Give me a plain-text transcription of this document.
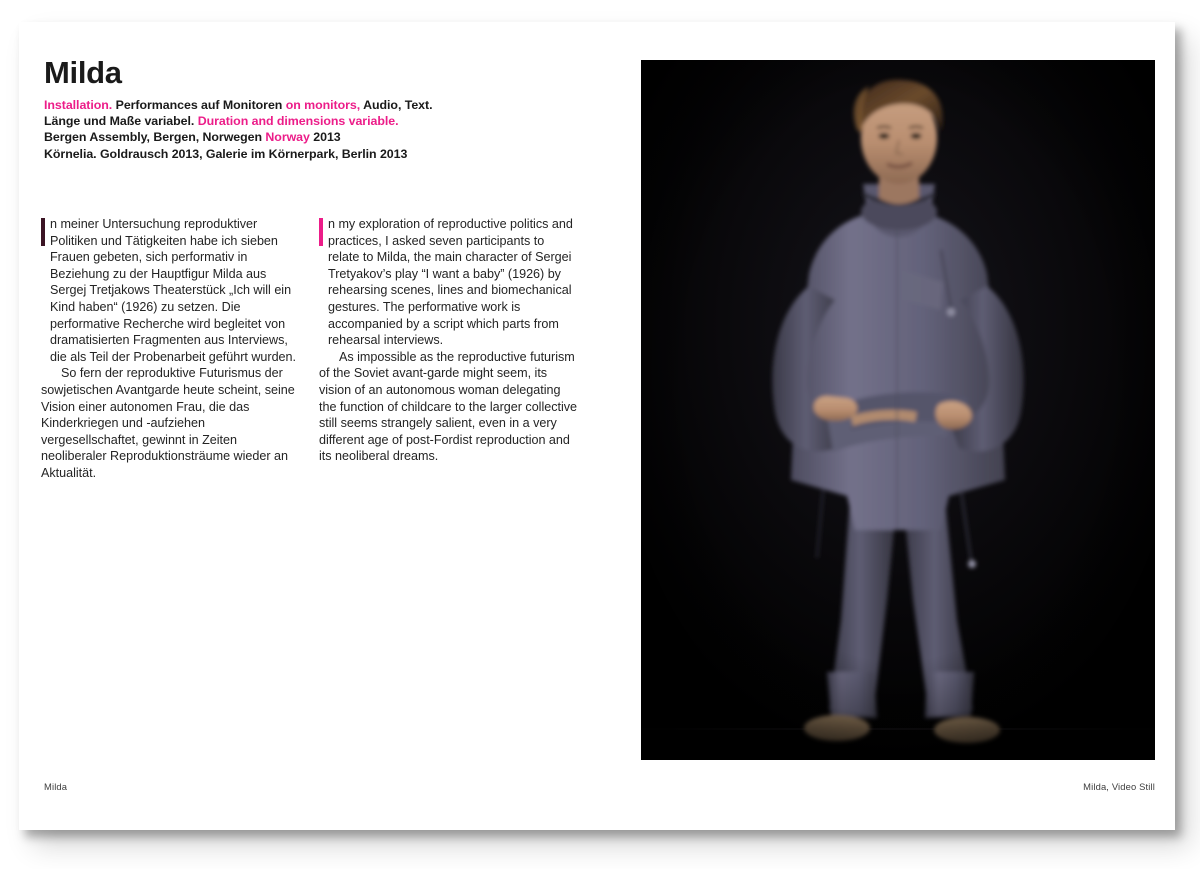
Milda
Installation. Performances auf Monitoren on monitors, Audio, Text.
Länge und Maße variabel. Duration and dimensions variable.
Bergen Assembly, Bergen, Norwegen Norway 2013
Körnelia. Goldrausch 2013, Galerie im Körnerpark, Berlin 2013
n meiner Untersuchung reproduktiver Politiken und Tätigkeiten habe ich sieben Frauen gebeten, sich performativ in Beziehung zu der Hauptfigur Milda aus Sergej Tretjakows Theaterstück „Ich will ein Kind haben“ (1926) zu setzen. Die performative Recherche wird begleitet von dramatisierten Fragmenten aus Interviews, die als Teil der Probenarbeit geführt wurden.

So fern der reproduktive Futurismus der sowjetischen Avantgarde heute scheint, seine Vision einer autonomen Frau, die das Kinderkriegen und -aufziehen vergesellschaftet, gewinnt in Zeiten neoliberaler Reproduktionsträume wieder an Aktualität.

n my exploration of reproductive politics and practices, I asked seven participants to relate to Milda, the main character of Sergei Tretyakov’s play “I want a baby” (1926) by rehearsing scenes, lines and biomechanical gestures. The performative work is accompanied by a script which parts from rehearsal interviews.

As impossible as the reproductive futurism of the Soviet avant-garde might seem, its vision of an autonomous woman delegating the function of childcare to the larger collective still seems strangely salient, even in a very different age of post-Fordist reproduction and its neoliberal dreams.

Milda	Milda, Video Still
